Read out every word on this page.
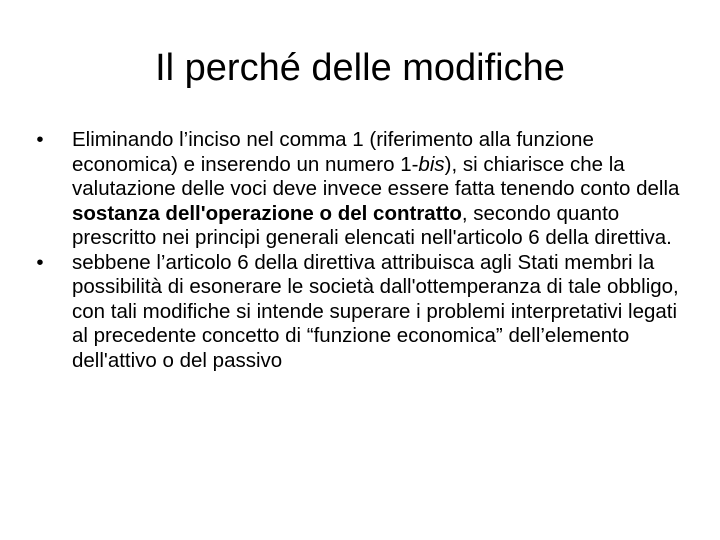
Il perché delle modifiche
•	Eliminando l’inciso nel comma 1 (riferimento alla funzione economica) e inserendo un numero 1-bis), si chiarisce che la valutazione delle voci deve invece essere fatta tenendo conto della sostanza dell'operazione o del contratto, secondo quanto prescritto nei principi generali elencati nell'articolo 6 della direttiva.
•	sebbene l’articolo 6 della direttiva attribuisca agli Stati membri la possibilità di esonerare le società dall'ottemperanza di tale obbligo, con tali modifiche si intende superare i problemi interpretativi legati al precedente concetto di “funzione economica” dell’elemento dell'attivo o del passivo
